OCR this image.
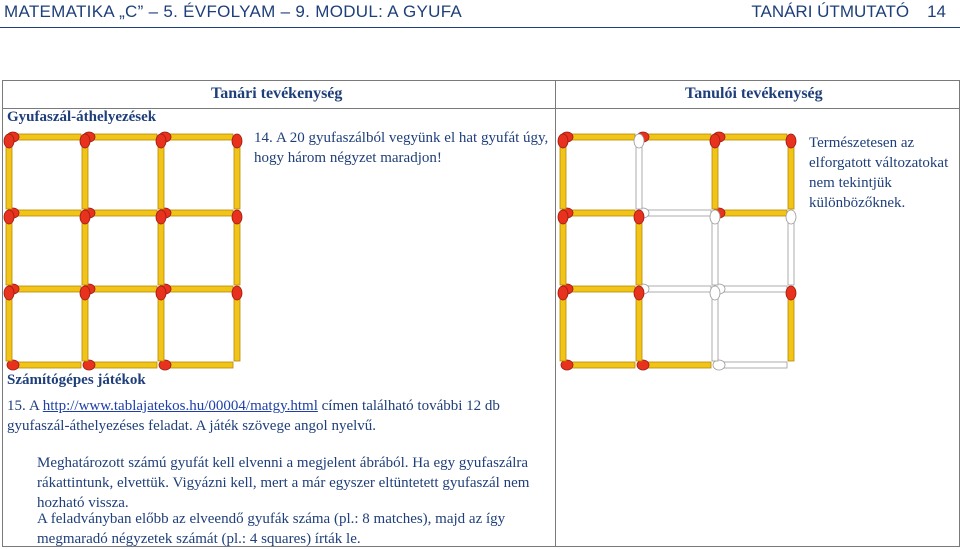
MATEMATIKA „C” – 5. ÉVFOLYAM – 9. MODUL: A GYUFA	TANÁRI ÚTMUTATÓ 14
Tanári tevékenység	Tanulói tevékenység
Gyufaszál-áthelyezések
14. A 20 gyufaszálból vegyünk el hat gyufát úgy, hogy három négyzet maradjon!
Természetesen az elforgatott változatokat nem tekintjük különbözőknek.
Számítógépes játékok
15. A http://www.tablajatekos.hu/00004/matgy.html címen található további 12 db gyufaszál-áthelyezéses feladat. A játék szövege angol nyelvű.
Meghatározott számú gyufát kell elvenni a megjelent ábrából. Ha egy gyufaszálra rákattintunk, elvettük. Vigyázni kell, mert a már egyszer eltüntetett gyufaszál nem hozható vissza.
A feladványban előbb az elveendő gyufák száma (pl.: 8 matches), majd az így megmaradó négyzetek számát (pl.: 4 squares) írták le.
